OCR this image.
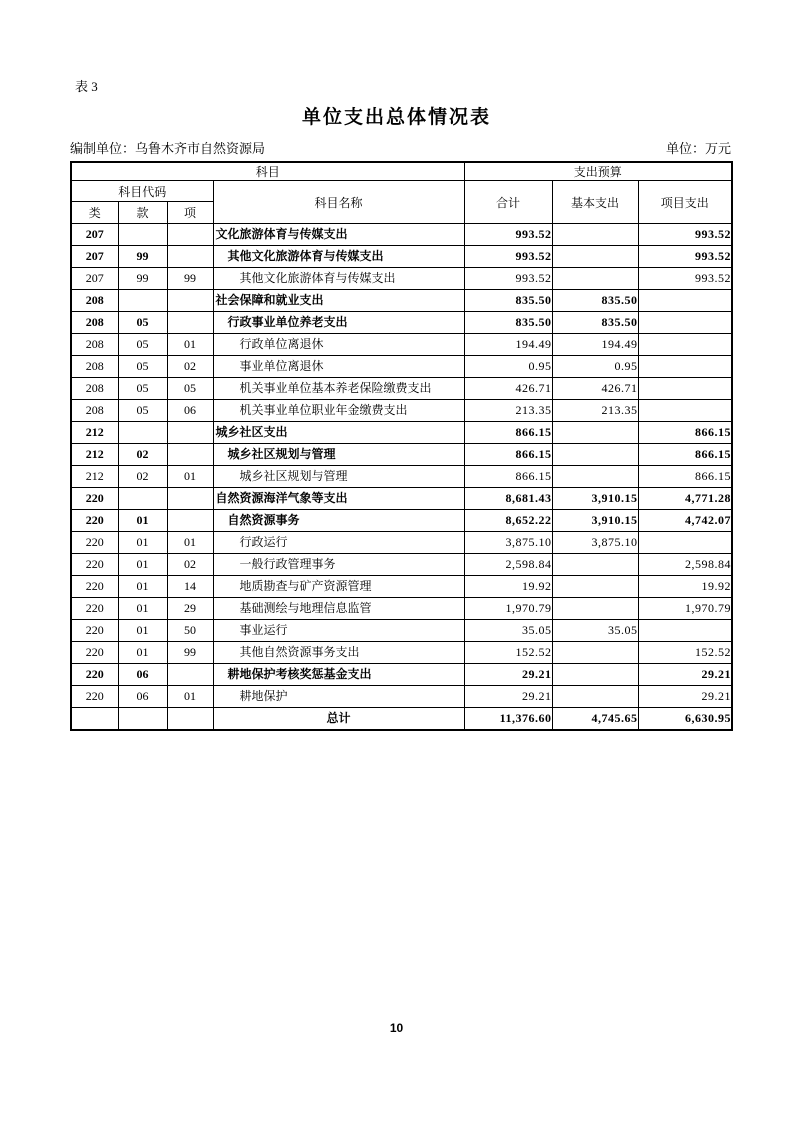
表 3
单位支出总体情况表
编制单位：乌鲁木齐市自然资源局	单位：万元
科目				支出预算		
科目代码			科目名称	合计	基本支出	项目支出
类	款	项				
207			文化旅游体育与传媒支出	993.52		993.52
207	99		其他文化旅游体育与传媒支出	993.52		993.52
207	99	99	其他文化旅游体育与传媒支出	993.52		993.52
208			社会保障和就业支出	835.50	835.50	
208	05		行政事业单位养老支出	835.50	835.50	
208	05	01	行政单位离退休	194.49	194.49	
208	05	02	事业单位离退休	0.95	0.95	
208	05	05	机关事业单位基本养老保险缴费支出	426.71	426.71	
208	05	06	机关事业单位职业年金缴费支出	213.35	213.35	
212			城乡社区支出	866.15		866.15
212	02		城乡社区规划与管理	866.15		866.15
212	02	01	城乡社区规划与管理	866.15		866.15
220			自然资源海洋气象等支出	8,681.43	3,910.15	4,771.28
220	01		自然资源事务	8,652.22	3,910.15	4,742.07
220	01	01	行政运行	3,875.10	3,875.10	
220	01	02	一般行政管理事务	2,598.84		2,598.84
220	01	14	地质勘查与矿产资源管理	19.92		19.92
220	01	29	基础测绘与地理信息监管	1,970.79		1,970.79
220	01	50	事业运行	35.05	35.05	
220	01	99	其他自然资源事务支出	152.52		152.52
220	06		耕地保护考核奖惩基金支出	29.21		29.21
220	06	01	耕地保护	29.21		29.21
			总计	11,376.60	4,745.65	6,630.95
10
